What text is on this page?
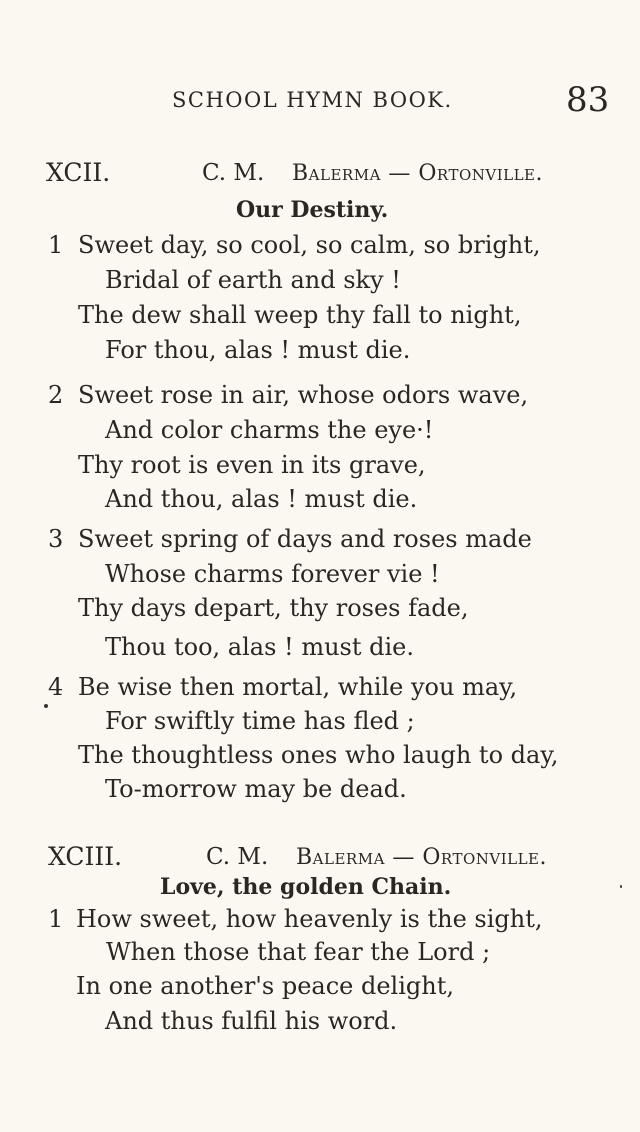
SCHOOL HYMN BOOK.	83
XCII.	C. M. Balerma — Ortonville.
Our Destiny.
1 Sweet day, so cool, so calm, so bright,
Bridal of earth and sky !
The dew shall weep thy fall to night,
For thou, alas ! must die.
2 Sweet rose in air, whose odors wave,
And color charms the eye·!
Thy root is even in its grave,
And thou, alas ! must die.
3 Sweet spring of days and roses made
Whose charms forever vie !
Thy days depart, thy roses fade,
Thou too, alas ! must die.
4 Be wise then mortal, while you may,
For swiftly time has fled ;
The thoughtless ones who laugh to day,
To-morrow may be dead.
XCIII.	C. M. Balerma — Ortonville.
Love, the golden Chain.
1 How sweet, how heavenly is the sight,
When those that fear the Lord ;
In one another's peace delight,
And thus fulfil his word.
